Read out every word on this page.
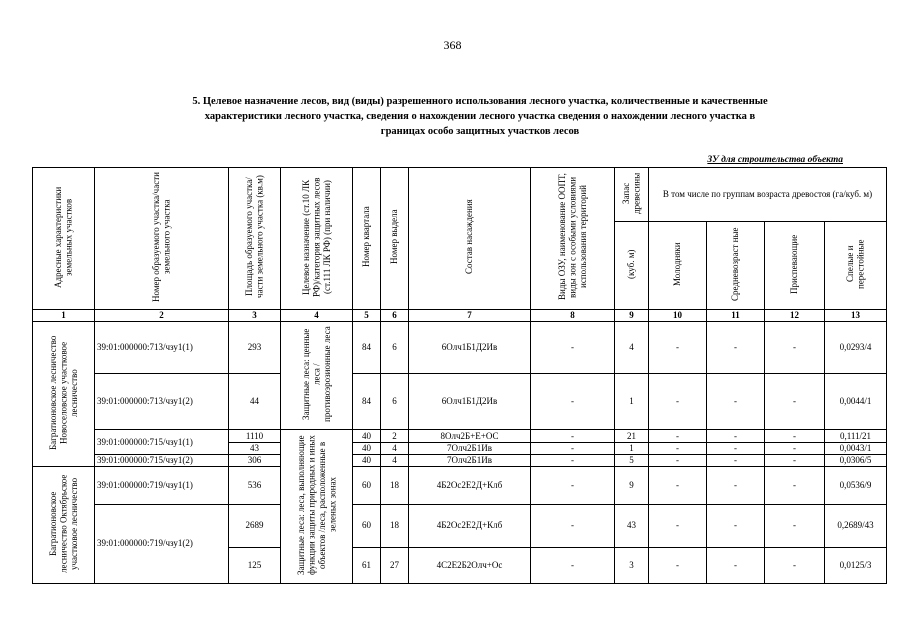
368
5. Целевое назначение лесов, вид (виды) разрешенного использования лесного участка, количественные и качественные
характеристики лесного участка, сведения о нахождении лесного участка сведения о нахождении лесного участка в
границах особо защитных участков лесов
ЗУ для строительства объекта
Адресные характеристики земельных участков	Номер образуемого участка/части земельного участка	Площадь образуемого участка/части земельного участка (кв.м)	Целевое назначение (ст.10 ЛК РФ)/категория защитных лесов (ст.111 ЛК РФ) (при наличии)	Номер квартала	Номер выдела	Состав насаждения	Виды ОЗУ, наименование ООПТ, виды зон с особыми условиями использования территорий	Запас древесины	В том числе по группам возраста древостоя (га/куб. м)			
								(куб. м)	Молодняки	Средневозраст ные	Приспевающие	Спелые и перестойные
1	2	3	4	5	6	7	8	9	10	11	12	13
Багратионовское лесничество Новоселовское участковое лесничество	39:01:000000:713/чзу1(1)	293	Защитные леса: ценные леса /противоэрозионные леса	84	6	6Олч1Б1Д2Ив	-	4	-	-	-	0,0293/4
	39:01:000000:713/чзу1(2)	44		84	6	6Олч1Б1Д2Ив	-	1	-	-	-	0,0044/1
	39:01:000000:715/чзу1(1)	1110	Защитные леса: леса, выполняющие функции защиты природных и иных объектов /леса, расположенные в зеленых зонах	40	2	8Олч2Б+Е+ОС	-	21	-	-	-	0,111/21
		43		40	4	7Олч2Б1Ив	-	1	-	-	-	0,0043/1
	39:01:000000:715/чзу1(2)	306		40	4	7Олч2Б1Ив	-	5	-	-	-	0,0306/5
Багратионовское лесничество Октябрьское участковое лесничество	39:01:000000:719/чзу1(1)	536		60	18	4Б2Ос2Е2Д+Клб	-	9	-	-	-	0,0536/9
	39:01:000000:719/чзу1(2)	2689		60	18	4Б2Ос2Е2Д+Клб	-	43	-	-	-	0,2689/43
		125		61	27	4С2Е2Б2Олч+Ос	-	3	-	-	-	0,0125/3
